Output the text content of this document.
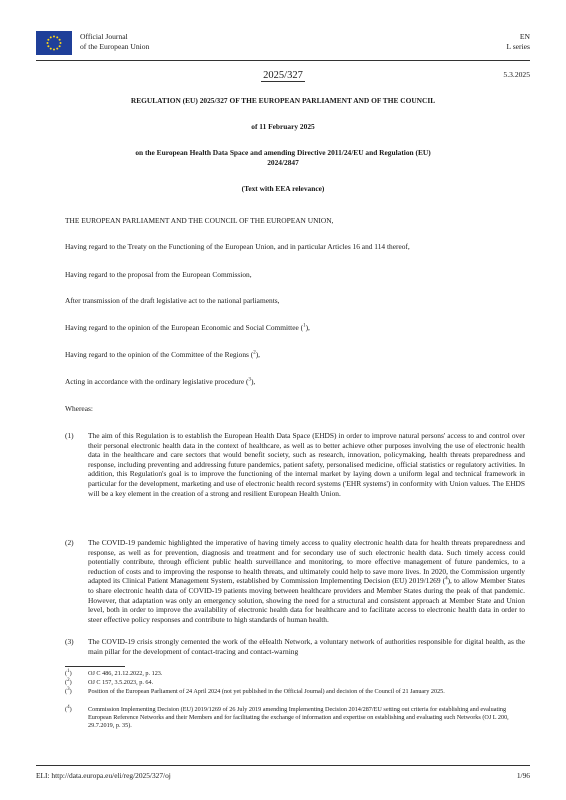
Official Journal
of the European Union
EN
L series
2025/327	5.3.2025
REGULATION (EU) 2025/327 OF THE EUROPEAN PARLIAMENT AND OF THE COUNCIL
of 11 February 2025
on the European Health Data Space and amending Directive 2011/24/EU and Regulation (EU)
2024/2847
(Text with EEA relevance)
THE EUROPEAN PARLIAMENT AND THE COUNCIL OF THE EUROPEAN UNION,
Having regard to the Treaty on the Functioning of the European Union, and in particular Articles 16 and 114 thereof,
Having regard to the proposal from the European Commission,
After transmission of the draft legislative act to the national parliaments,
Having regard to the opinion of the European Economic and Social Committee ($^1$),
Having regard to the opinion of the Committee of the Regions ($^2$),
Acting in accordance with the ordinary legislative procedure ($^3$),
Whereas:
(1) The aim of this Regulation is to establish the European Health Data Space (EHDS) in order to improve natural persons' access to and control over their personal electronic health data in the context of healthcare, as well as to better achieve other purposes involving the use of electronic health data in the healthcare and care sectors that would benefit society, such as research, innovation, policymaking, health threats preparedness and response, including preventing and addressing future pandemics, patient safety, personalised medicine, official statistics or regulatory activities. In addition, this Regulation's goal is to improve the functioning of the internal market by laying down a uniform legal and technical framework in particular for the development, marketing and use of electronic health record systems ('EHR systems') in conformity with Union values. The EHDS will be a key element in the creation of a strong and resilient European Health Union.
(2) The COVID-19 pandemic highlighted the imperative of having timely access to quality electronic health data for health threats preparedness and response, as well as for prevention, diagnosis and treatment and for secondary use of such electronic health data. Such timely access could potentially contribute, through efficient public health surveillance and monitoring, to more effective management of future pandemics, to a reduction of costs and to improving the response to health threats, and ultimately could help to save more lives. In 2020, the Commission urgently adapted its Clinical Patient Management System, established by Commission Implementing Decision (EU) 2019/1269 ($^4$), to allow Member States to share electronic health data of COVID-19 patients moving between healthcare providers and Member States during the peak of that pandemic. However, that adaptation was only an emergency solution, showing the need for a structural and consistent approach at Member State and Union level, both in order to improve the availability of electronic health data for healthcare and to facilitate access to electronic health data in order to steer effective policy responses and contribute to high standards of human health.
(3) The COVID-19 crisis strongly cemented the work of the eHealth Network, a voluntary network of authorities responsible for digital health, as the main pillar for the development of contact-tracing and contact-warning
($^1$)	OJ C 486, 21.12.2022, p. 123.
($^2$)	OJ C 157, 3.5.2023, p. 64.
($^3$)	Position of the European Parliament of 24 April 2024 (not yet published in the Official Journal) and decision of the Council of 21 January 2025.
($^4$)	Commission Implementing Decision (EU) 2019/1269 of 26 July 2019 amending Implementing Decision 2014/287/EU setting out criteria for establishing and evaluating European Reference Networks and their Members and for facilitating the exchange of information and expertise on establishing and evaluating such Networks (OJ L 200, 29.7.2019, p. 35).
ELI: http://data.europa.eu/eli/reg/2025/327/oj	1/96
